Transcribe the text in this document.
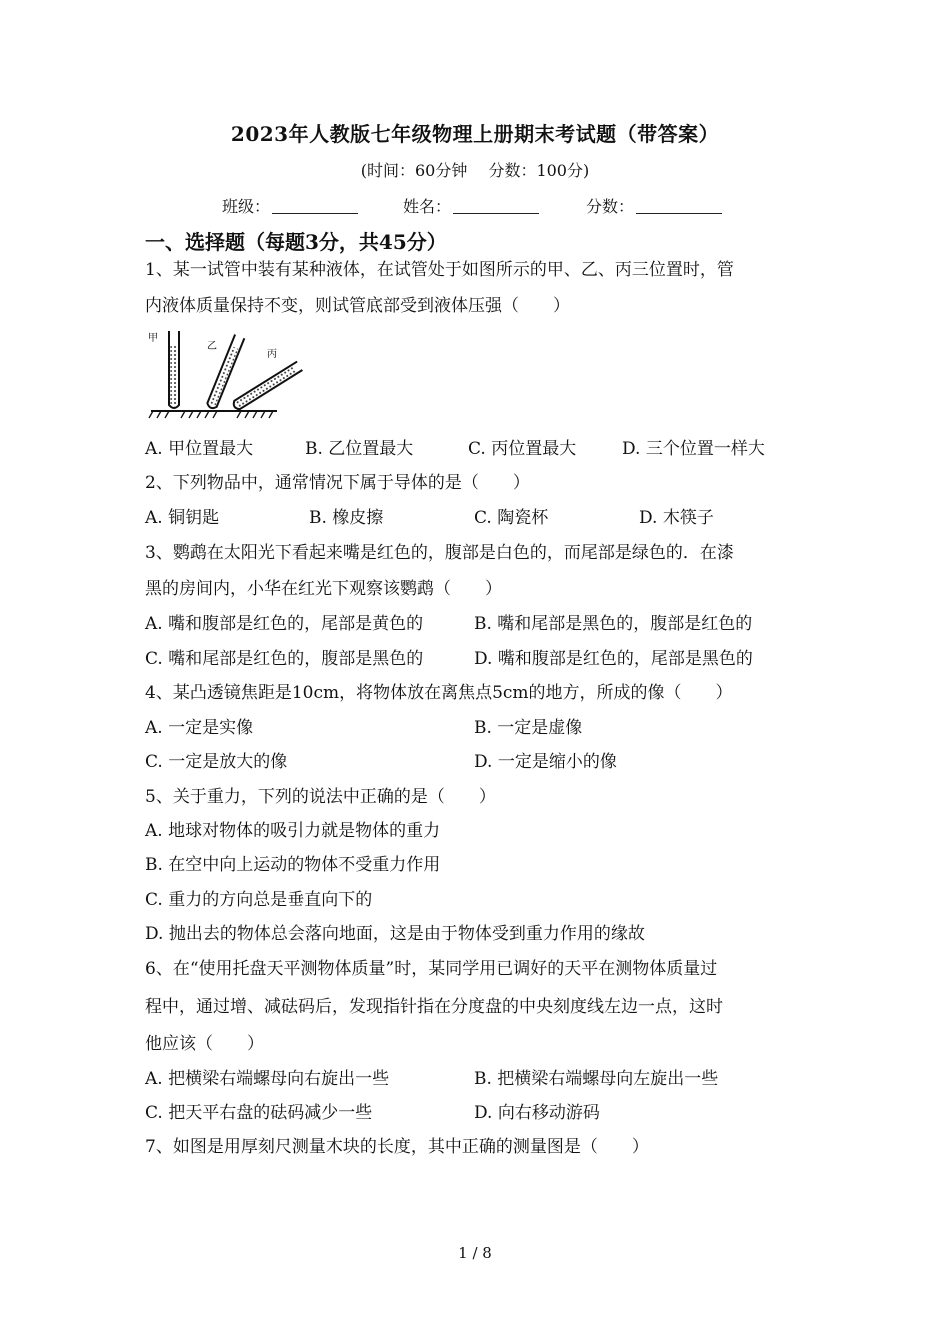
2023年人教版七年级物理上册期末考试题（带答案）
(时间：60分钟　 分数：100分)
班级：	姓名：	分数：
一、选择题（每题3分，共45分）
1、某一试管中装有某种液体，在试管处于如图所示的甲、乙、丙三位置时，管
内液体质量保持不变，则试管底部受到液体压强（　　）
甲
乙
丙
A. 甲位置最大	B. 乙位置最大	C. 丙位置最大	D. 三个位置一样大
2、下列物品中，通常情况下属于导体的是（　　）
A. 铜钥匙	B. 橡皮擦	C. 陶瓷杯	D. 木筷子
3、鹦鹉在太阳光下看起来嘴是红色的，腹部是白色的，而尾部是绿色的．在漆
黑的房间内，小华在红光下观察该鹦鹉（　　）
A. 嘴和腹部是红色的，尾部是黄色的	B. 嘴和尾部是黑色的，腹部是红色的
C. 嘴和尾部是红色的，腹部是黑色的	D. 嘴和腹部是红色的，尾部是黑色的
4、某凸透镜焦距是10cm，将物体放在离焦点5cm的地方，所成的像（　　）
A. 一定是实像	B. 一定是虚像
C. 一定是放大的像	D. 一定是缩小的像
5、关于重力，下列的说法中正确的是（　　）
A. 地球对物体的吸引力就是物体的重力
B. 在空中向上运动的物体不受重力作用
C. 重力的方向总是垂直向下的
D. 抛出去的物体总会落向地面，这是由于物体受到重力作用的缘故
6、在“使用托盘天平测物体质量”时，某同学用已调好的天平在测物体质量过
程中，通过增、减砝码后，发现指针指在分度盘的中央刻度线左边一点，这时
他应该（　　）
A. 把横梁右端螺母向右旋出一些	B. 把横梁右端螺母向左旋出一些
C. 把天平右盘的砝码减少一些	D. 向右移动游码
7、如图是用厚刻尺测量木块的长度，其中正确的测量图是（　　）
1 / 8
